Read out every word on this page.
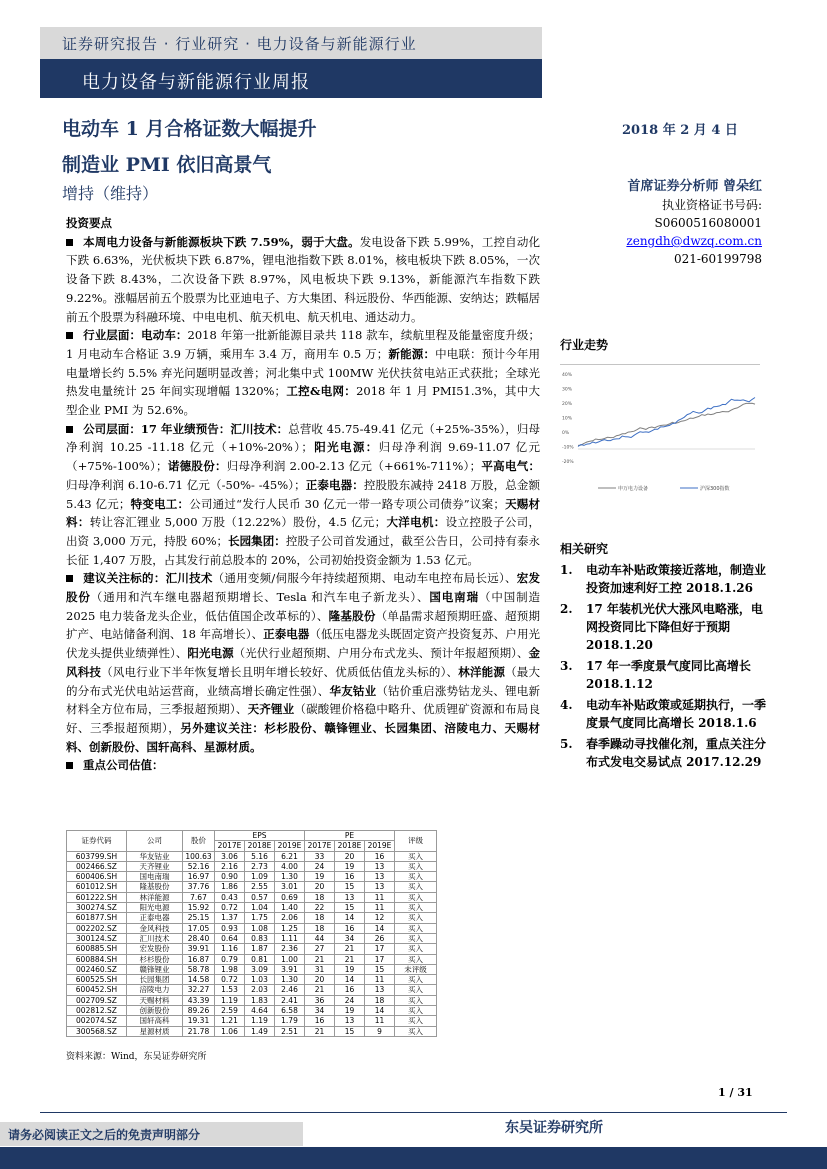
证券研究报告 · 行业研究 · 电力设备与新能源行业
电力设备与新能源行业周报
电动车 1 月合格证数大幅提升
制造业 PMI 依旧高景气
增持（维持）
2018 年 2 月 4 日
首席证券分析师 曾朵红
执业资格证书号码:
S0600516080001
zengdh@dwzq.com.cn
021-60199798
投资要点
本周电力设备与新能源板块下跌 7.59%，弱于大盘。发电设备下跌 5.99%，工控自动化下跌 6.63%，光伏板块下跌 6.87%，锂电池指数下跌 8.01%，核电板块下跌 8.05%，一次设备下跌 8.43%，二次设备下跌 8.97%，风电板块下跌 9.13%，新能源汽车指数下跌 9.22%。涨幅居前五个股票为比亚迪电子、方大集团、科远股份、华西能源、安纳达；跌幅居前五个股票为科融环境、中电电机、航天机电、航天机电、通达动力。
行业层面：电动车：2018 年第一批新能源目录共 118 款车，续航里程及能量密度升级；1 月电动车合格证 3.9 万辆，乘用车 3.4 万，商用车 0.5 万；新能源：中电联：预计今年用电量增长约 5.5% 弃光问题明显改善；河北集中式 100MW 光伏扶贫电站正式获批；全球光热发电量统计 25 年间实现增幅 1320%；工控&电网：2018 年 1 月 PMI51.3%，其中大型企业 PMI 为 52.6%。
公司层面：17 年业绩预告：汇川技术：总营收 45.75-49.41 亿元（+25%-35%），归母净利润 10.25 -11.18 亿元（+10%-20%）；阳光电源：归母净利润 9.69-11.07 亿元（+75%-100%）；诺德股份：归母净利润 2.00-2.13 亿元（+661%-711%）；平高电气：归母净利润 6.10-6.71 亿元（-50%- -45%）；正泰电器：控股股东减持 2418 万股，总金额 5.43 亿元；特变电工：公司通过“发行人民币 30 亿元一带一路专项公司债券”议案；天赐材料：转让容汇锂业 5,000 万股（12.22%）股份，4.5 亿元；大洋电机：设立控股子公司，出资 3,000 万元，持股 60%；长园集团：控股子公司首发通过，截至公告日，公司持有泰永长征 1,407 万股，占其发行前总股本的 20%，公司初始投资金额为 1.53 亿元。
建议关注标的：汇川技术（通用变频/伺服今年持续超预期、电动车电控布局长远）、宏发股份（通用和汽车继电器超预期增长、Tesla 和汽车电子新龙头）、国电南瑞（中国制造 2025 电力装备龙头企业，低估值国企改革标的）、隆基股份（单晶需求超预期旺盛、超预期扩产、电站储备利润、18 年高增长）、正泰电器（低压电器龙头既固定资产投资复苏、户用光伏龙头提供业绩弹性）、阳光电源（光伏行业超预期、户用分布式龙头、预计年报超预期）、金风科技（风电行业下半年恢复增长且明年增长较好、优质低估值龙头标的）、林洋能源（最大的分布式光伏电站运营商，业绩高增长确定性强）、华友钴业（钴价重启涨势钴龙头、锂电新材料全方位布局，三季报超预期）、天齐锂业（碳酸锂价格稳中略升、优质锂矿资源和布局良好、三季报超预期），另外建议关注：杉杉股份、赣锋锂业、长园集团、涪陵电力、天赐材料、创新股份、国轩高科、星源材质。
重点公司估值：
行业走势
40%
30%
20%
10%
0%
-10%
-20%
申万电力设备	沪深300指数
相关研究
1.	电动车补贴政策接近落地，制造业投资加速利好工控 2018.1.26
2.	17 年装机光伏大涨风电略涨，电网投资同比下降但好于预期 2018.1.20
3.	17 年一季度景气度同比高增长 2018.1.12
4.	电动车补贴政策或延期执行，一季度景气度同比高增长 2018.1.6
5.	春季躁动寻找催化剂，重点关注分布式发电交易试点 2017.12.29
证券代码	公司	股价	EPS			PE			评级
			2017E	2018E	2019E	2017E	2018E	2019E	
603799.SH	华友钴业	100.63	3.06	5.16	6.21	33	20	16	买入
002466.SZ	天齐锂业	52.16	2.16	2.73	4.00	24	19	13	买入
600406.SH	国电南瑞	16.97	0.90	1.09	1.30	19	16	13	买入
601012.SH	隆基股份	37.76	1.86	2.55	3.01	20	15	13	买入
601222.SH	林洋能源	7.67	0.43	0.57	0.69	18	13	11	买入
300274.SZ	阳光电源	15.92	0.72	1.04	1.40	22	15	11	买入
601877.SH	正泰电器	25.15	1.37	1.75	2.06	18	14	12	买入
002202.SZ	金风科技	17.05	0.93	1.08	1.25	18	16	14	买入
300124.SZ	汇川技术	28.40	0.64	0.83	1.11	44	34	26	买入
600885.SH	宏发股份	39.91	1.16	1.87	2.36	27	21	17	买入
600884.SH	杉杉股份	16.87	0.79	0.81	1.00	21	21	17	买入
002460.SZ	赣锋锂业	58.78	1.98	3.09	3.91	31	19	15	未评级
600525.SH	长园集团	14.58	0.72	1.03	1.30	20	14	11	买入
600452.SH	涪陵电力	32.27	1.53	2.03	2.46	21	16	13	买入
002709.SZ	天赐材料	43.39	1.19	1.83	2.41	36	24	18	买入
002812.SZ	创新股份	89.26	2.59	4.64	6.58	34	19	14	买入
002074.SZ	国轩高科	19.31	1.21	1.19	1.79	16	13	11	买入
300568.SZ	星源材质	21.78	1.06	1.49	2.51	21	15	9	买入
资料来源：Wind，东吴证券研究所
1 / 31
东吴证券研究所
请务必阅读正文之后的免责声明部分
